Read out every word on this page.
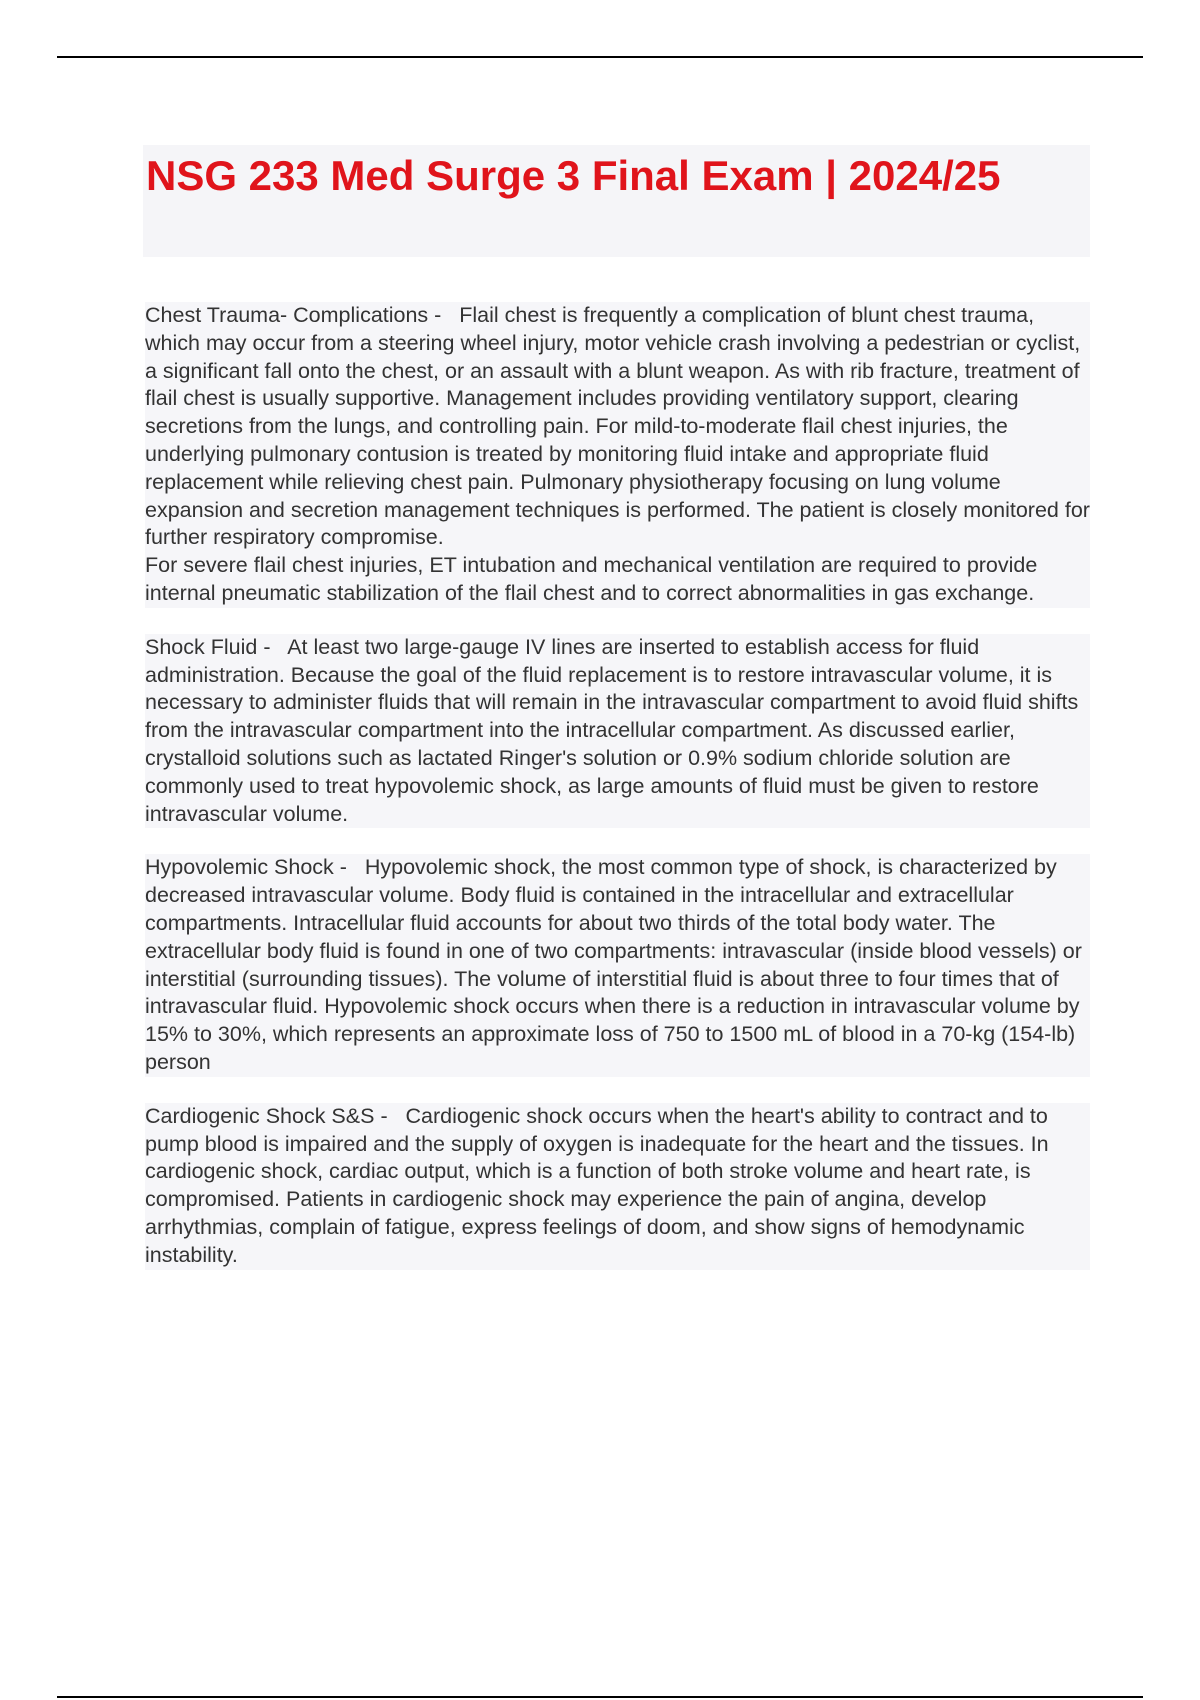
NSG 233 Med Surge 3 Final Exam | 2024/25

Chest Trauma- Complications - Flail chest is frequently a complication of blunt chest trauma, which may occur from a steering wheel injury, motor vehicle crash involving a pedestrian or cyclist, a significant fall onto the chest, or an assault with a blunt weapon. As with rib fracture, treatment of flail chest is usually supportive. Management includes providing ventilatory support, clearing secretions from the lungs, and controlling pain. For mild-to-moderate flail chest injuries, the underlying pulmonary contusion is treated by monitoring fluid intake and appropriate fluid replacement while relieving chest pain. Pulmonary physiotherapy focusing on lung volume expansion and secretion management techniques is performed. The patient is closely monitored for further respiratory compromise.
For severe flail chest injuries, ET intubation and mechanical ventilation are required to provide internal pneumatic stabilization of the flail chest and to correct abnormalities in gas exchange.

Shock Fluid - At least two large-gauge IV lines are inserted to establish access for fluid administration. Because the goal of the fluid replacement is to restore intravascular volume, it is necessary to administer fluids that will remain in the intravascular compartment to avoid fluid shifts from the intravascular compartment into the intracellular compartment. As discussed earlier, crystalloid solutions such as lactated Ringer's solution or 0.9% sodium chloride solution are commonly used to treat hypovolemic shock, as large amounts of fluid must be given to restore intravascular volume.

Hypovolemic Shock - Hypovolemic shock, the most common type of shock, is characterized by decreased intravascular volume. Body fluid is contained in the intracellular and extracellular compartments. Intracellular fluid accounts for about two thirds of the total body water. The extracellular body fluid is found in one of two compartments: intravascular (inside blood vessels) or interstitial (surrounding tissues). The volume of interstitial fluid is about three to four times that of intravascular fluid. Hypovolemic shock occurs when there is a reduction in intravascular volume by 15% to 30%, which represents an approximate loss of 750 to 1500 mL of blood in a 70-kg (154-lb) person

Cardiogenic Shock S&S - Cardiogenic shock occurs when the heart's ability to contract and to pump blood is impaired and the supply of oxygen is inadequate for the heart and the tissues. In cardiogenic shock, cardiac output, which is a function of both stroke volume and heart rate, is compromised. Patients in cardiogenic shock may experience the pain of angina, develop arrhythmias, complain of fatigue, express feelings of doom, and show signs of hemodynamic instability.
